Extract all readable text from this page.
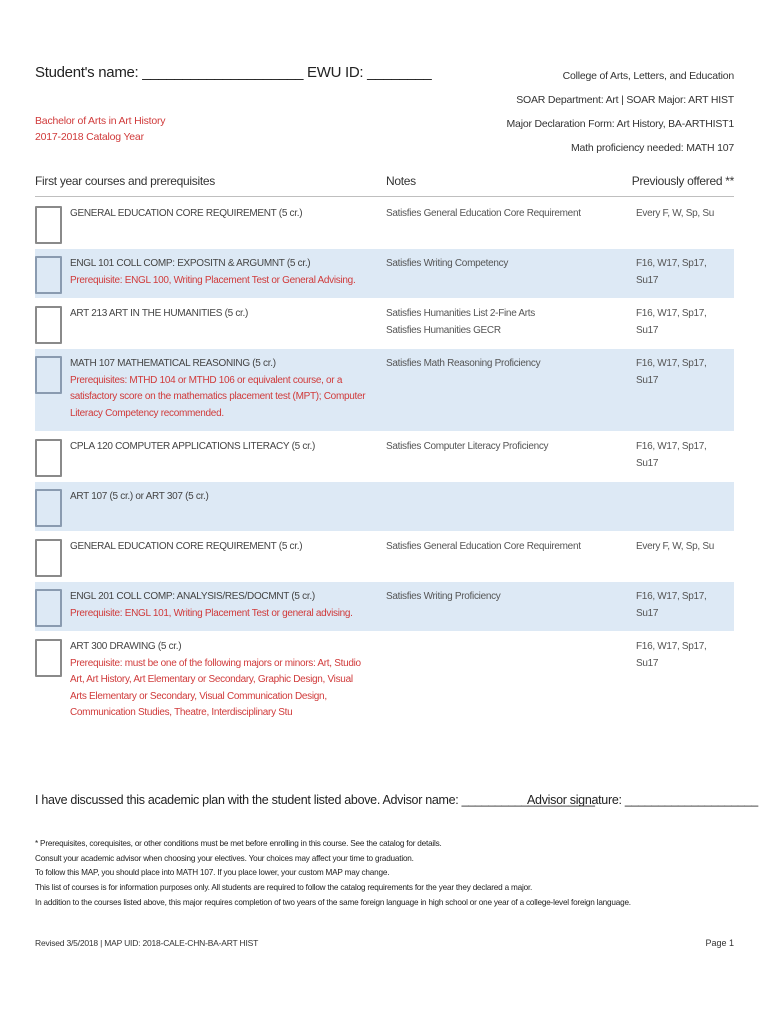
Student's name: ____________________ EWU ID: ________	College of Arts, Letters, and Education
SOAR Department: Art | SOAR Major: ART HIST
Major Declaration Form: Art History, BA-ARTHIST1
Math proficiency needed: MATH 107
Bachelor of Arts in Art History
2017-2018 Catalog Year
First year courses and prerequisites	Notes	Previously offered **
GENERAL EDUCATION CORE REQUIREMENT (5 cr.)	Satisfies General Education Core Requirement	Every F, W, Sp, Su
ENGL 101 COLL COMP: EXPOSITN & ARGUMNT (5 cr.)
Prerequisite: ENGL 100, Writing Placement Test or General Advising.
Satisfies Writing Competency	F16, W17, Sp17, Su17
ART 213 ART IN THE HUMANITIES (5 cr.)	Satisfies Humanities List 2-Fine Arts
Satisfies Humanities GECR
F16, W17, Sp17, Su17
MATH 107 MATHEMATICAL REASONING (5 cr.)
Prerequisites: MTHD 104 or MTHD 106 or equivalent course, or a satisfactory score on the mathematics placement test (MPT); Computer Literacy Competency recommended.
Satisfies Math Reasoning Proficiency	F16, W17, Sp17, Su17
CPLA 120 COMPUTER APPLICATIONS LITERACY (5 cr.)	Satisfies Computer Literacy Proficiency	F16, W17, Sp17, Su17
ART 107 (5 cr.) or ART 307 (5 cr.)
GENERAL EDUCATION CORE REQUIREMENT (5 cr.)	Satisfies General Education Core Requirement	Every F, W, Sp, Su
ENGL 201 COLL COMP: ANALYSIS/RES/DOCMNT (5 cr.)
Prerequisite: ENGL 101, Writing Placement Test or general advising.
Satisfies Writing Proficiency	F16, W17, Sp17, Su17
ART 300 DRAWING (5 cr.)
Prerequisite: must be one of the following majors or minors: Art, Studio Art, Art History, Art Elementary or Secondary, Graphic Design, Visual Arts Elementary or Secondary, Visual Communication Design, Communication Studies, Theatre, Interdisciplinary Stu
F16, W17, Sp17, Su17
I have discussed this academic plan with the student listed above. Advisor name: ____________________
Advisor signature: ____________________
* Prerequisites, corequisites, or other conditions must be met before enrolling in this course. See the catalog for details.
Consult your academic advisor when choosing your electives. Your choices may affect your time to graduation.
To follow this MAP, you should place into MATH 107. If you place lower, your custom MAP may change.
This list of courses is for information purposes only. All students are required to follow the catalog requirements for the year they declared a major.
In addition to the courses listed above, this major requires completion of two years of the same foreign language in high school or one year of a college-level foreign language.
Revised 3/5/2018 | MAP UID: 2018-CALE-CHN-BA-ART HIST	Page 1
